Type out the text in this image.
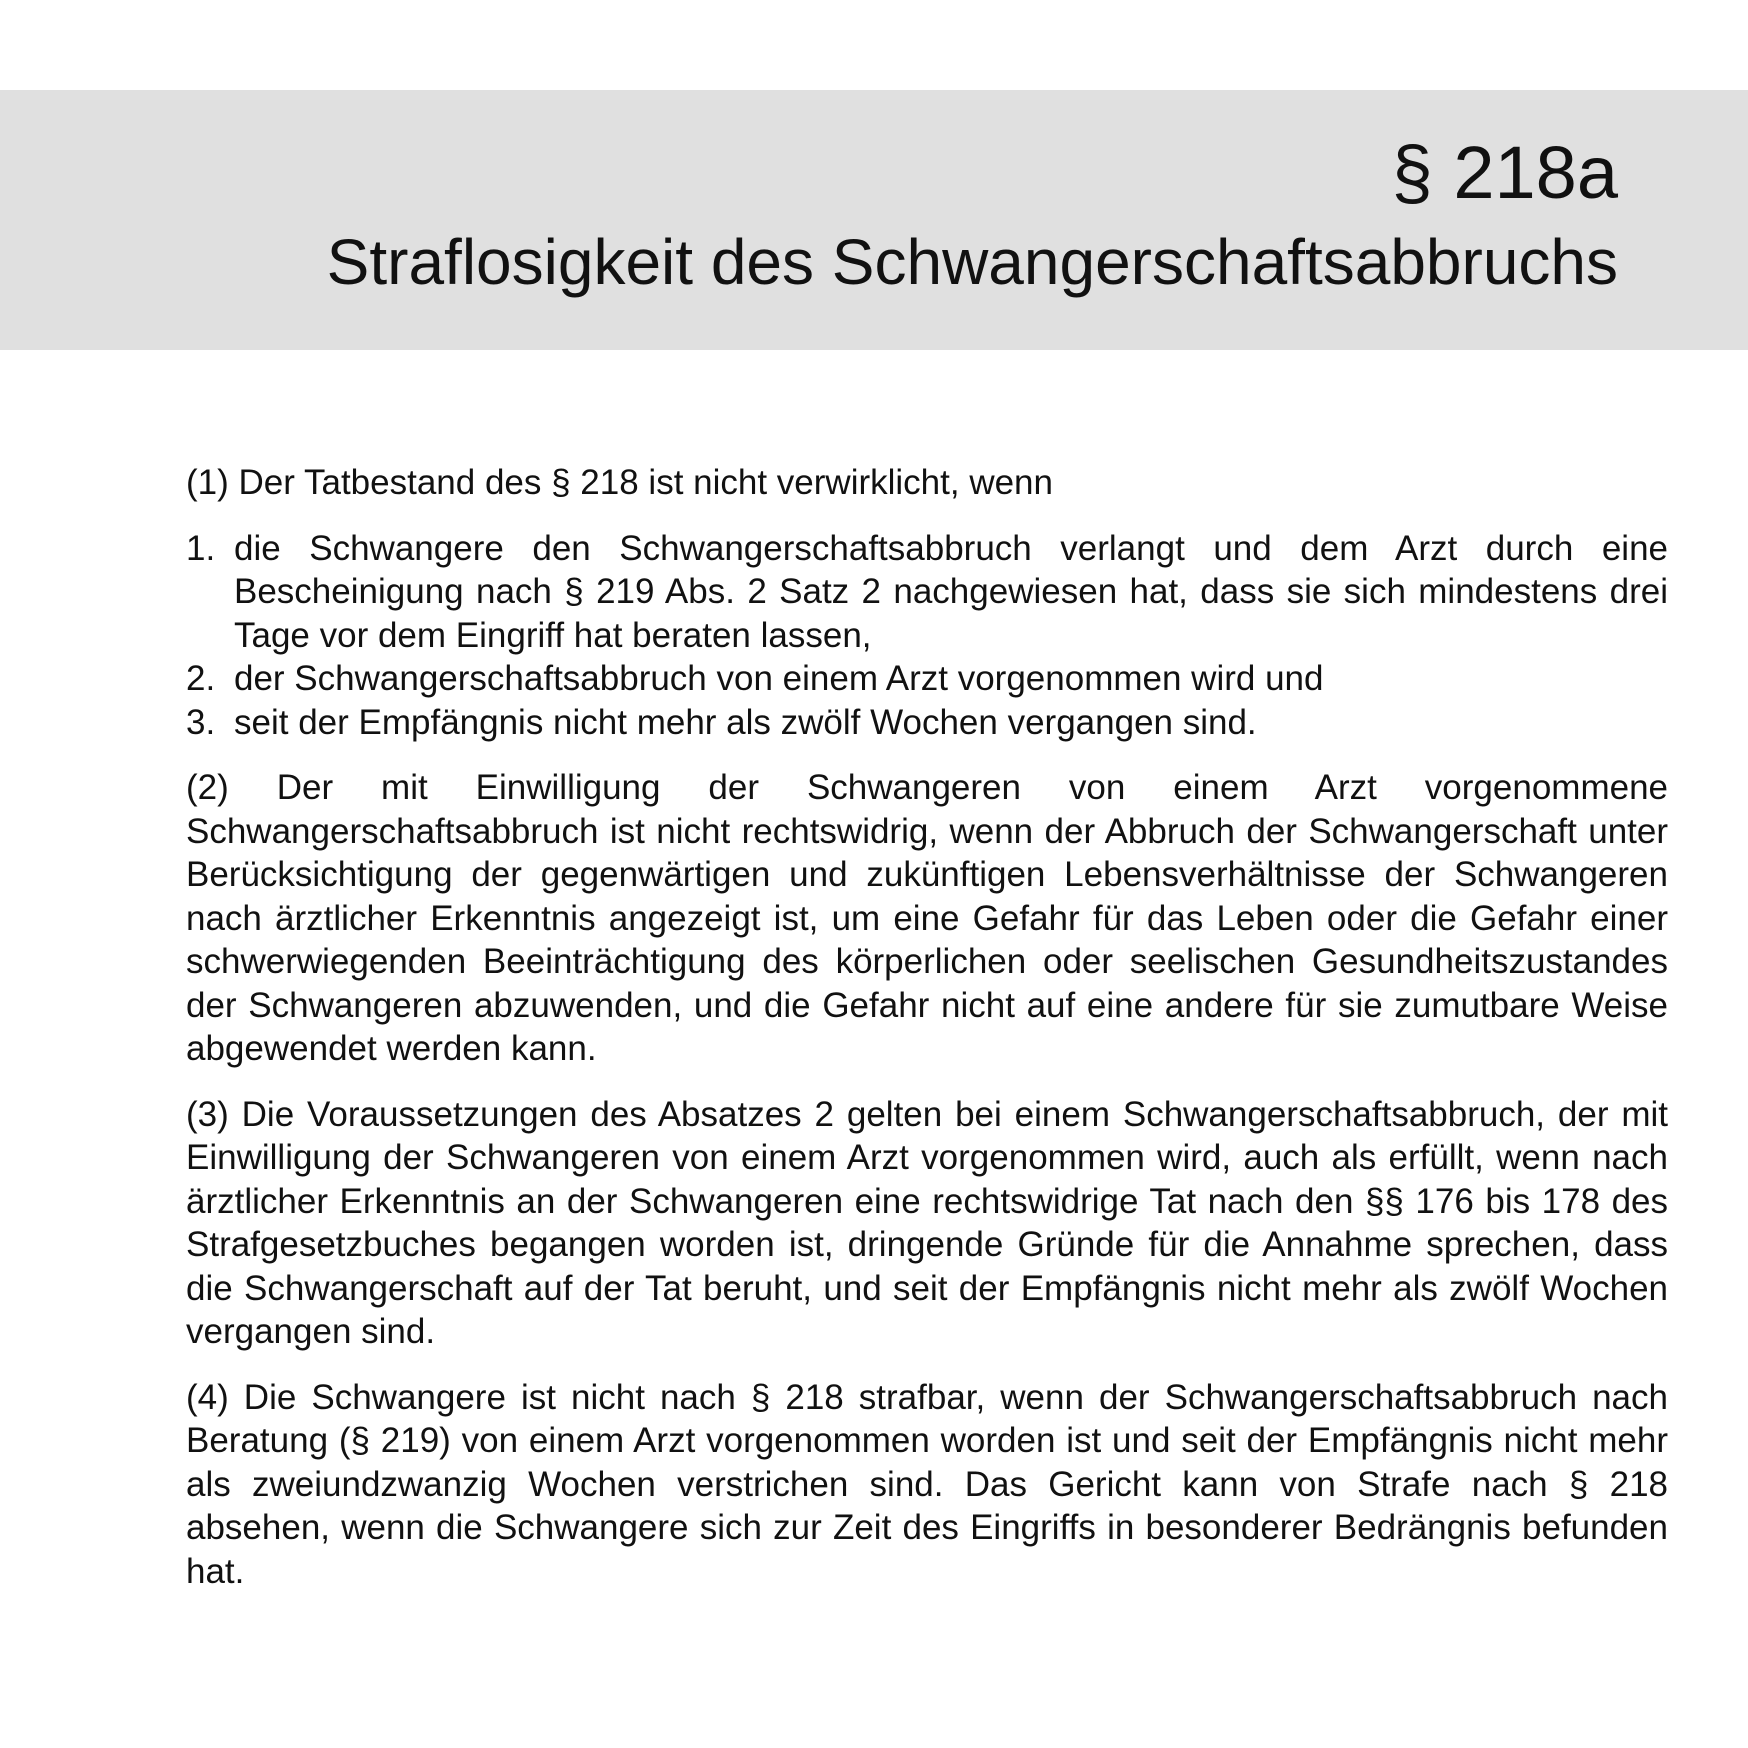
§ 218a
Straflosigkeit des Schwangerschaftsabbruchs

(1) Der Tatbestand des § 218 ist nicht verwirklicht, wenn

1. die Schwangere den Schwangerschaftsabbruch verlangt und dem Arzt durch eine Bescheinigung nach § 219 Abs. 2 Satz 2 nachgewiesen hat, dass sie sich mindestens drei Tage vor dem Eingriff hat beraten lassen,

2. der Schwangerschaftsabbruch von einem Arzt vorgenommen wird und

3. seit der Empfängnis nicht mehr als zwölf Wochen vergangen sind.

(2) Der mit Einwilligung der Schwangeren von einem Arzt vorgenommene Schwangerschaftsabbruch ist nicht rechtswidrig, wenn der Abbruch der Schwangerschaft unter Berücksichtigung der gegenwärtigen und zukünftigen Lebensverhältnisse der Schwangeren nach ärztlicher Erkenntnis angezeigt ist, um eine Gefahr für das Leben oder die Gefahr einer schwerwiegenden Beeinträchtigung des körperlichen oder seelischen Gesundheitszustandes der Schwangeren abzuwenden, und die Gefahr nicht auf eine andere für sie zumutbare Weise abgewendet werden kann.

(3) Die Voraussetzungen des Absatzes 2 gelten bei einem Schwangerschaftsabbruch, der mit Einwilligung der Schwangeren von einem Arzt vorgenommen wird, auch als erfüllt, wenn nach ärztlicher Erkenntnis an der Schwangeren eine rechtswidrige Tat nach den §§ 176 bis 178 des Strafgesetzbuches begangen worden ist, dringende Gründe für die Annahme sprechen, dass die Schwangerschaft auf der Tat beruht, und seit der Empfängnis nicht mehr als zwölf Wochen vergangen sind.

(4) Die Schwangere ist nicht nach § 218 strafbar, wenn der Schwangerschaftsabbruch nach Beratung (§ 219) von einem Arzt vorgenommen worden ist und seit der Empfängnis nicht mehr als zweiundzwanzig Wochen verstrichen sind. Das Gericht kann von Strafe nach § 218 absehen, wenn die Schwangere sich zur Zeit des Eingriffs in besonderer Bedrängnis befunden hat.
